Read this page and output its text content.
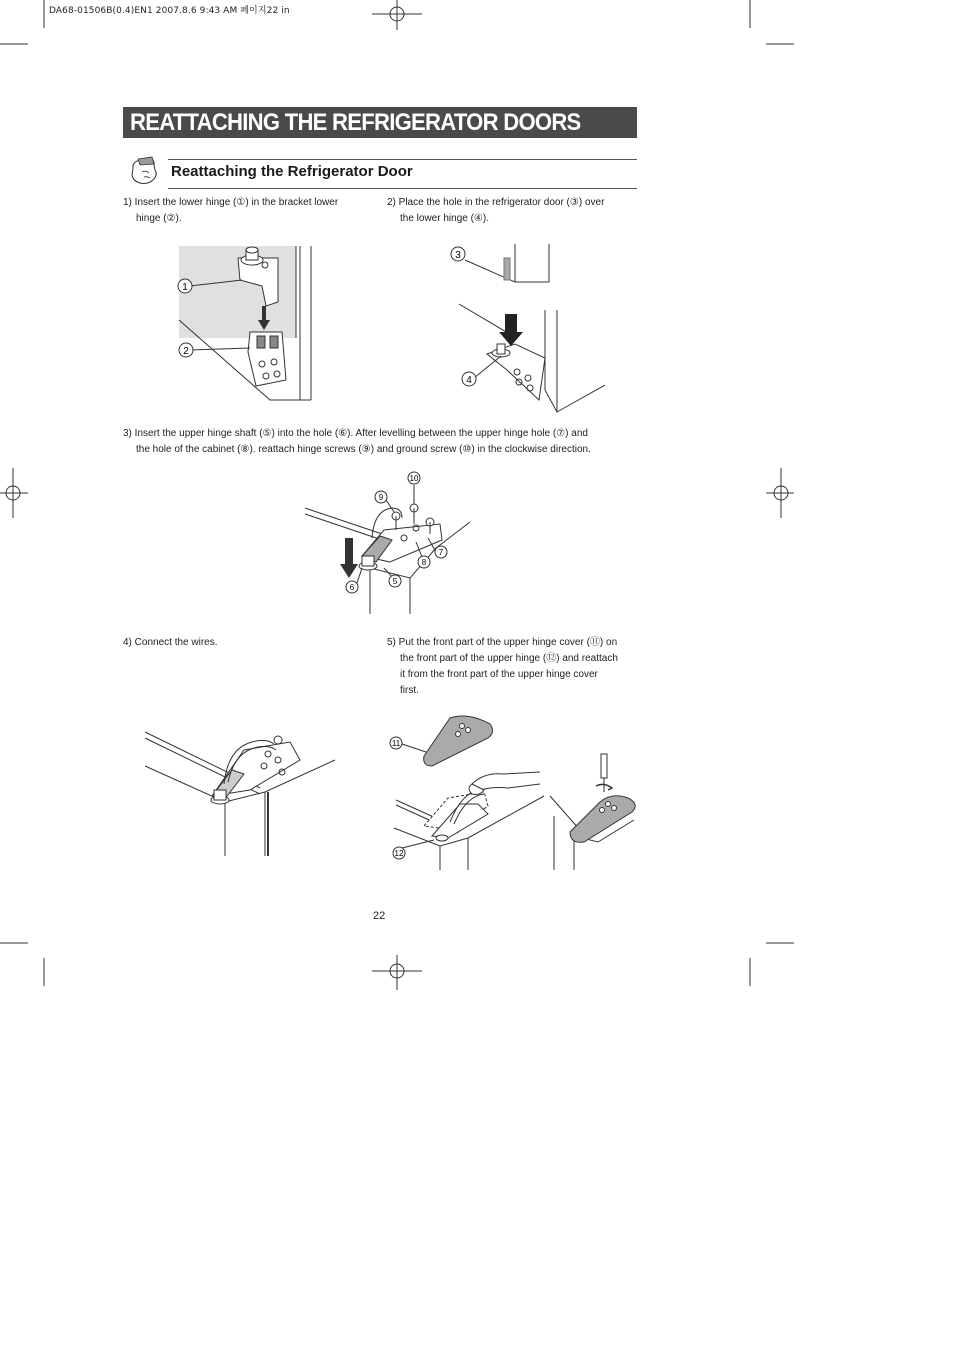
DA68-01506B(0.4)EN1 2007.8.6 9:43 AM 페이지22 in
REATTACHING THE REFRIGERATOR DOORS
Reattaching the Refrigerator Door
1) Insert the lower hinge (①) in the bracket lower
hinge (②).
2) Place the hole in the refrigerator door (③) over
the lower hinge (④).
1
2
3
4
3) Insert the upper hinge shaft (⑤) into the hole (⑥). After levelling between the upper hinge hole (⑦) and
the hole of the cabinet (⑧). reattach hinge screws (⑨) and ground screw (⑩) in the clockwise direction.
10
9
7
8
5
6
4) Connect the wires.	5) Put the front part of the upper hinge cover (⑪) on
the front part of the upper hinge (⑫) and reattach
it from the front part of the upper hinge cover
first.
11
12
22
